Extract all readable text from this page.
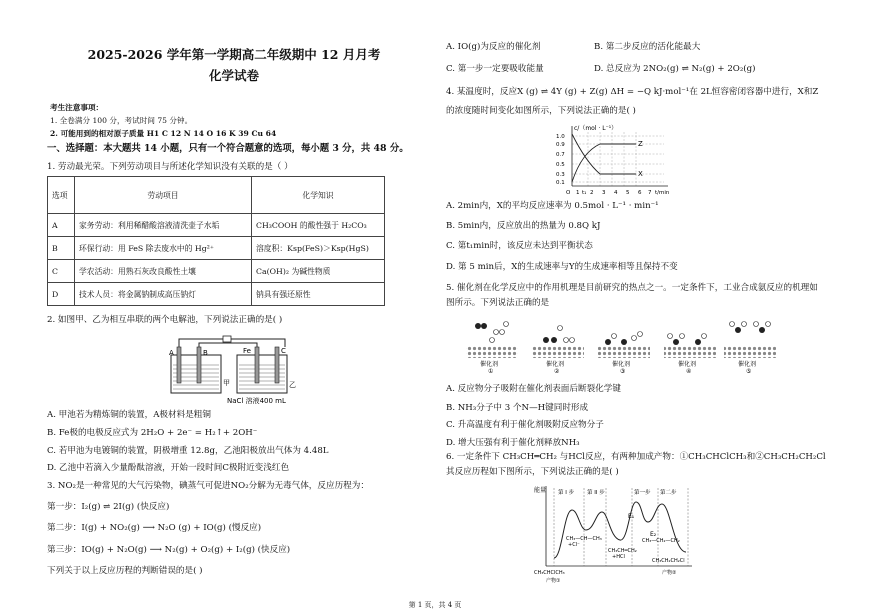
2025-2026 学年第一学期高二年级期中 12 月月考
化学试卷
考生注意事项：
1. 全卷满分 100 分，考试时间 75 分钟。
2. 可能用到的相对原子质量 H1 C 12 N 14 O 16 K 39 Cu 64
一、选择题：本大题共 14 小题，只有一个符合题意的选项，每小题 3 分，共 48 分。
1. 劳动最光荣。下列劳动项目与所述化学知识没有关联的是（ ）
选项	劳动项目	化学知识
A	家务劳动：利用稀醋酸溶液清洗壶子水垢	CH₃COOH 的酸性强于 H₂CO₃
B	环保行动：用 FeS 除去废水中的 Hg²⁺	溶度积：Ksp(FeS)＞Ksp(HgS)
C	学农活动：用熟石灰改良酸性土壤	Ca(OH)₂ 为碱性物质
D	技术人员：将金属钠制成高压钠灯	钠具有强还原性
2. 如图甲、乙为相互串联的两个电解池，下列说法正确的是( )
A	B	Fe	C
甲	乙
NaCl 溶液400 mL
A. 甲池若为精炼铜的装置，A极材料是粗铜
B. Fe极的电极反应式为 2H₂O + 2e⁻ = H₂↑+ 2OH⁻
C. 若甲池为电镀铜的装置，阴极增重 12.8g，乙池阳极放出气体为 4.48L
D. 乙池中若滴入少量酚酞溶液，开始一段时间C极附近变浅红色
3. NO₂是一种常见的大气污染物，碘蒸气可促进NO₂分解为无毒气体，反应历程为：
第一步：I₂(g) ⇌ 2I(g) (快反应)
第二步：I(g) + NO₂(g) ⟶ N₂O (g) + IO(g) (慢反应)
第三步：IO(g) + N₂O(g) ⟶ N₂(g) + O₂(g) + I₂(g) (快反应)
下列关于以上反应历程的判断错误的是( )
A. IO(g)为反应的催化剂	B. 第二步反应的活化能最大
C. 第一步一定要吸收能量	D. 总反应为 2NO₂(g) ⇌ N₂(g) + 2O₂(g)
4. 某温度时，反应X (g) ⇌ 4Y (g) + Z(g) ΔH = −Q kJ·mol⁻¹在 2L恒容密闭容器中进行，X和Z
的浓度随时间变化如图所示，下列说法正确的是( )
c/（mol · L⁻¹）
1.0
0.9
0.7
0.5
0.3
0.1
O 1 t₁ 2 3 4 5 6 7 t/min
Z
X
A. 2min内，X的平均反应速率为 0.5mol · L⁻¹ · min⁻¹
B. 5min内，反应放出的热量为 0.8Q kJ
C. 第t₁min时，该反应未达到平衡状态
D. 第 5 min后，X的生成速率与Y的生成速率相等且保持不变
5. 催化剂在化学反应中的作用机理是目前研究的热点之一。一定条件下，工业合成氨反应的机理如
图所示。下列说法正确的是
催化剂	催化剂	催化剂	催化剂	催化剂
①	②	③	④	⑤
A. 反应物分子吸附在催化剂表面后断裂化学键
B. NH₃分子中 3 个N—H键同时形成
C. 升高温度有利于催化剂吸附反应物分子
D. 增大压强有利于催化剂释放NH₃
6. 一定条件下 CH₃CH═CH₂ 与HCl反应，有两种加成产物：①CH₃CHClCH₃和②CH₃CH₂CH₂Cl
其反应历程如下图所示，下列说法正确的是( )
能量 第 I 步 第 II 步	第一步 第二步
E₁
E₂
CH₃—CH—CH₃
+Cl⁻
CH₃CH═CH₂
+HCl
CH₃—CH₂—CH₂
CH₃CHClCH₃
产物①
CH₃CH₂CH₂Cl
产物②
第 1 页，共 4 页
